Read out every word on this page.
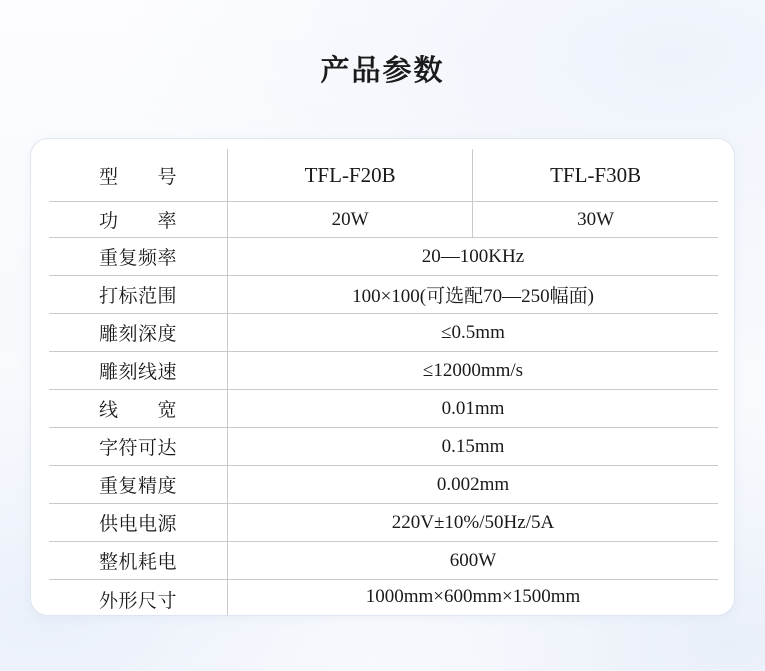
产品参数
型　　号	TFL-F20B	TFL-F30B
功　　率	20W	30W
重复频率	20—100KHz	
打标范围	100×100(可选配70—250幅面)	
雕刻深度	≤0.5mm	
雕刻线速	≤12000mm/s	
线　　宽	0.01mm	
字符可达	0.15mm	
重复精度	0.002mm	
供电电源	220V±10%/50Hz/5A	
整机耗电	600W	
外形尺寸	1000mm×600mm×1500mm	
